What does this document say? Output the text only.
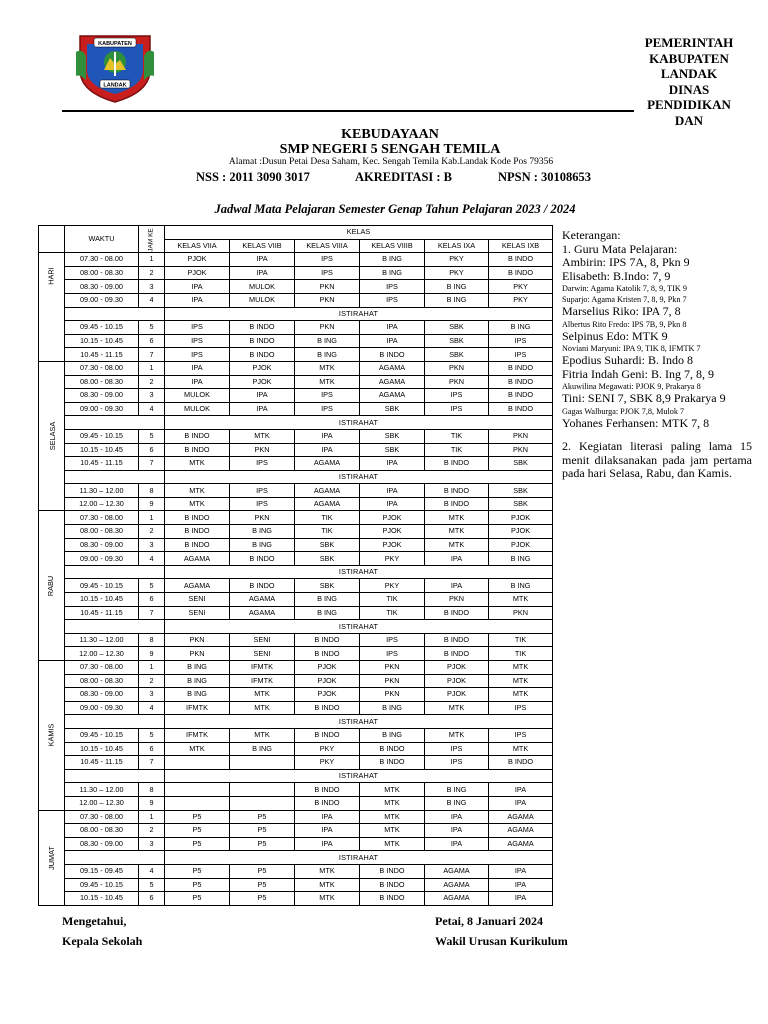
KABUPATEN
LANDAK
PEMERINTAH
KABUPATEN
LANDAK
DINAS
PENDIDIKAN
DAN
KEBUDAYAAN
SMP NEGERI 5 SENGAH TEMILA
Alamat :Dusun Petai Desa Saham, Kec. Sengah Temila Kab.Landak Kode Pos 79356
NSS : 2011 3090 3017	AKREDITASI : B	NPSN : 30108653
Jadwal Mata Pelajaran Semester Genap Tahun Pelajaran 2023 / 2024
	WAKTU	JAM KE	KELAS					
			KELAS VIIA	KELAS VIIB	KELAS VIIIA	KELAS VIIIB	KELAS IXA	KELAS IXB
HARI	07.30 - 08.00	1	PJOK	IPA	IPS	B ING	PKY	B INDO
	08.00 - 08.30	2	PJOK	IPA	IPS	B ING	PKY	B INDO
	08.30 - 09.00	3	IPA	MULOK	PKN	IPS	B ING	PKY
	09.00 - 09.30	4	IPA	MULOK	PKN	IPS	B ING	PKY
			ISTIRAHAT					
	09.45 - 10.15	5	IPS	B INDO	PKN	IPA	SBK	B ING
	10.15 - 10.45	6	IPS	B INDO	B ING	IPA	SBK	IPS
	10.45 - 11.15	7	IPS	B INDO	B ING	B INDO	SBK	IPS
SELASA	07.30 - 08.00	1	IPA	PJOK	MTK	AGAMA	PKN	B INDO
	08.00 - 08.30	2	IPA	PJOK	MTK	AGAMA	PKN	B INDO
	08.30 - 09.00	3	MULOK	IPA	IPS	AGAMA	IPS	B INDO
	09.00 - 09.30	4	MULOK	IPA	IPS	SBK	IPS	B INDO
			ISTIRAHAT					
	09.45 - 10.15	5	B INDO	MTK	IPA	SBK	TIK	PKN
	10.15 - 10.45	6	B INDO	PKN	IPA	SBK	TIK	PKN
	10.45 - 11.15	7	MTK	IPS	AGAMA	IPA	B INDO	SBK
			ISTIRAHAT					
	11.30 – 12.00	8	MTK	IPS	AGAMA	IPA	B INDO	SBK
	12.00 – 12.30	9	MTK	IPS	AGAMA	IPA	B INDO	SBK
RABU	07.30 - 08.00	1	B INDO	PKN	TIK	PJOK	MTK	PJOK
	08.00 - 08.30	2	B INDO	B ING	TIK	PJOK	MTK	PJOK
	08.30 - 09.00	3	B INDO	B ING	SBK	PJOK	MTK	PJOK
	09.00 - 09.30	4	AGAMA	B INDO	SBK	PKY	IPA	B ING
			ISTIRAHAT					
	09.45 - 10.15	5	AGAMA	B INDO	SBK	PKY	IPA	B ING
	10.15 - 10.45	6	SENI	AGAMA	B ING	TIK	PKN	MTK
	10.45 - 11.15	7	SENI	AGAMA	B ING	TIK	B INDO	PKN
			ISTIRAHAT					
	11.30 – 12.00	8	PKN	SENI	B INDO	IPS	B INDO	TIK
	12.00 – 12.30	9	PKN	SENI	B INDO	IPS	B INDO	TIK
KAMIS	07.30 - 08.00	1	B ING	IFMTK	PJOK	PKN	PJOK	MTK
	08.00 - 08.30	2	B ING	IFMTK	PJOK	PKN	PJOK	MTK
	08.30 - 09.00	3	B ING	MTK	PJOK	PKN	PJOK	MTK
	09.00 - 09.30	4	IFMTK	MTK	B INDO	B ING	MTK	IPS
			ISTIRAHAT					
	09.45 - 10.15	5	IFMTK	MTK	B INDO	B ING	MTK	IPS
	10.15 - 10.45	6	MTK	B ING	PKY	B INDO	IPS	MTK
	10.45 - 11.15	7			PKY	B INDO	IPS	B INDO
			ISTIRAHAT					
	11.30 – 12.00	8			B INDO	MTK	B ING	IPA
	12.00 – 12.30	9			B INDO	MTK	B ING	IPA
JUMAT	07.30 - 08.00	1	P5	P5	IPA	MTK	IPA	AGAMA
	08.00 - 08.30	2	P5	P5	IPA	MTK	IPA	AGAMA
	08.30 - 09.00	3	P5	P5	IPA	MTK	IPA	AGAMA
			ISTIRAHAT					
	09.15 - 09.45	4	P5	P5	MTK	B INDO	AGAMA	IPA
	09.45 - 10.15	5	P5	P5	MTK	B INDO	AGAMA	IPA
	10.15 - 10.45	6	P5	P5	MTK	B INDO	AGAMA	IPA
Keterangan:
1. Guru Mata Pelajaran:
Ambirin: IPS 7A, 8, Pkn 9
Elisabeth: B.Indo: 7, 9
Darwin: Agama Katolik 7, 8, 9, TIK 9
Suparjo: Agama Kristen 7, 8, 9, Pkn 7
Marselius Riko: IPA 7, 8
Albertus Rito Fredo: IPS 7B, 9, Pkn 8
Selpinus Edo: MTK 9
Noviani Maryuni: IPA 9, TIK 8, IFMTK 7
Epodius Suhardi: B. Indo 8
Fitria Indah Geni: B. Ing 7, 8, 9
Akuwilina Megawati: PJOK 9, Prakarya 8
Tini: SENI 7, SBK 8,9 Prakarya 9
Gagas Walburga: PJOK 7,8, Mulok 7
Yohanes Ferhansen: MTK 7, 8
2. Kegiatan literasi paling lama 15 menit dilaksanakan pada jam pertama pada hari Selasa, Rabu, dan Kamis.
Mengetahui,
Kepala Sekolah
Petai, 8 Januari 2024
Wakil Urusan Kurikulum
